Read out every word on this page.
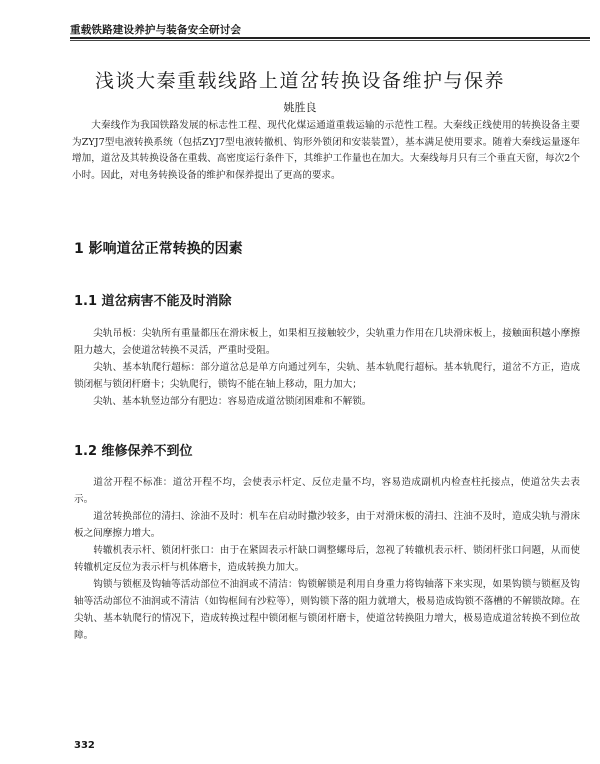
重载铁路建设养护与装备安全研讨会
浅谈大秦重载线路上道岔转换设备维护与保养
姚胜良

大秦线作为我国铁路发展的标志性工程、现代化煤运通道重载运输的示范性工程。大秦线正线使用的转换设备主要为ZYJ7型电液转换系统（包括ZYJ7型电液转撤机、钩形外锁闭和安装装置），基本满足使用要求。随着大秦线运量逐年增加，道岔及其转换设备在重载、高密度运行条件下，其维护工作量也在加大。大秦线每月只有三个垂直天窗，每次2个小时。因此，对电务转换设备的维护和保养提出了更高的要求。

1 影响道岔正常转换的因素
1.1 道岔病害不能及时消除

尖轨吊板：尖轨所有重量都压在滑床板上，如果相互接触较少，尖轨重力作用在几块滑床板上，接触面积越小摩擦阻力越大，会使道岔转换不灵活，严重时受阻。

尖轨、基本轨爬行超标：部分道岔总是单方向通过列车，尖轨、基本轨爬行超标。基本轨爬行，道岔不方正，造成锁闭框与锁闭杆磨卡；尖轨爬行，锁钩不能在轴上移动，阻力加大；

尖轨、基本轨竖边部分有肥边：容易造成道岔锁闭困难和不解锁。

1.2 维修保养不到位

道岔开程不标准：道岔开程不均，会使表示杆定、反位走量不均，容易造成副机内检查柱托接点，使道岔失去表示。

道岔转换部位的清扫、涂油不及时：机车在启动时撒沙较多，由于对滑床板的清扫、注油不及时，造成尖轨与滑床板之间摩擦力增大。

转辙机表示杆、锁闭杆张口：由于在紧固表示杆缺口调整螺母后，忽视了转辙机表示杆、锁闭杆张口问题，从而使转辙机定反位为表示杆与机体磨卡，造成转换力加大。

钩锁与锁框及钩轴等活动部位不油润或不清洁：钩锁解锁是利用自身重力将钩轴落下来实现，如果钩锁与锁框及钩轴等活动部位不油润或不清洁（如钩框间有沙粒等），则钩锁下落的阻力就增大，极易造成钩锁不落槽的不解锁故障。在尖轨、基本轨爬行的情况下，造成转换过程中锁闭框与锁闭杆磨卡，使道岔转换阻力增大，极易造成道岔转换不到位故障。

332
